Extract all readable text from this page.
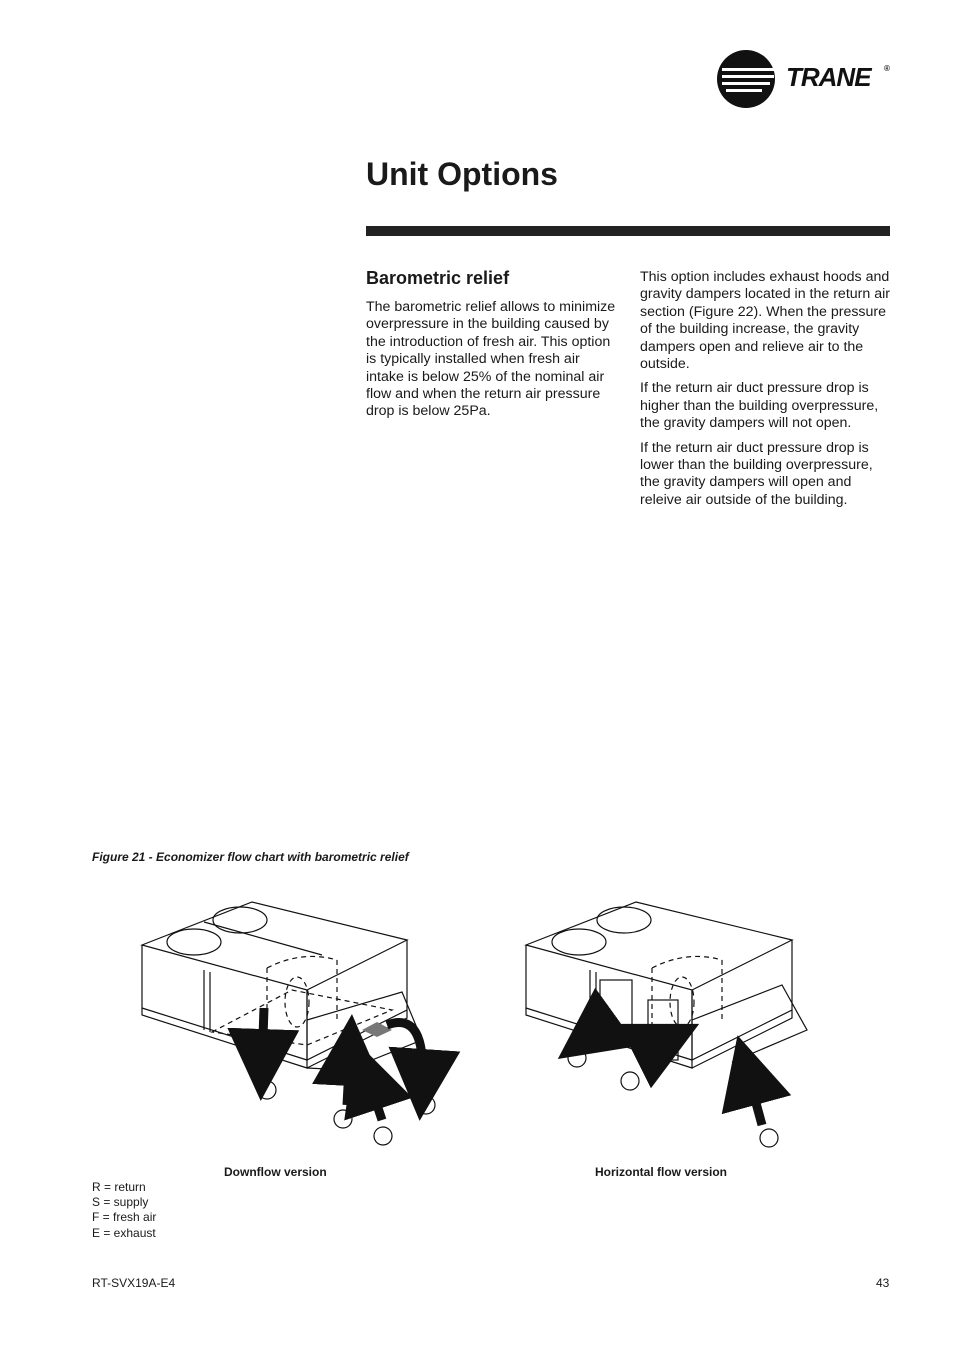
TRANE ®
Unit Options
Barometric relief

The barometric relief allows to minimize overpressure in the building caused by the introduction of fresh air. This option is typically installed when fresh air intake is below 25% of the nominal air flow and when the return air pressure drop is below 25Pa.

This option includes exhaust hoods and gravity dampers located in the return air section (Figure 22). When the pressure of the building increase, the gravity dampers open and relieve air to the outside.

If the return air duct pressure drop is higher than the building overpressure, the gravity dampers will not open.

If the return air duct pressure drop is lower than the building overpressure, the gravity dampers will open and releive air outside of the building.

Figure 21 - Economizer flow chart with barometric relief
Downflow version	Horizontal flow version
R = return
S = supply
F = fresh air
E = exhaust
RT-SVX19A-E4	43
